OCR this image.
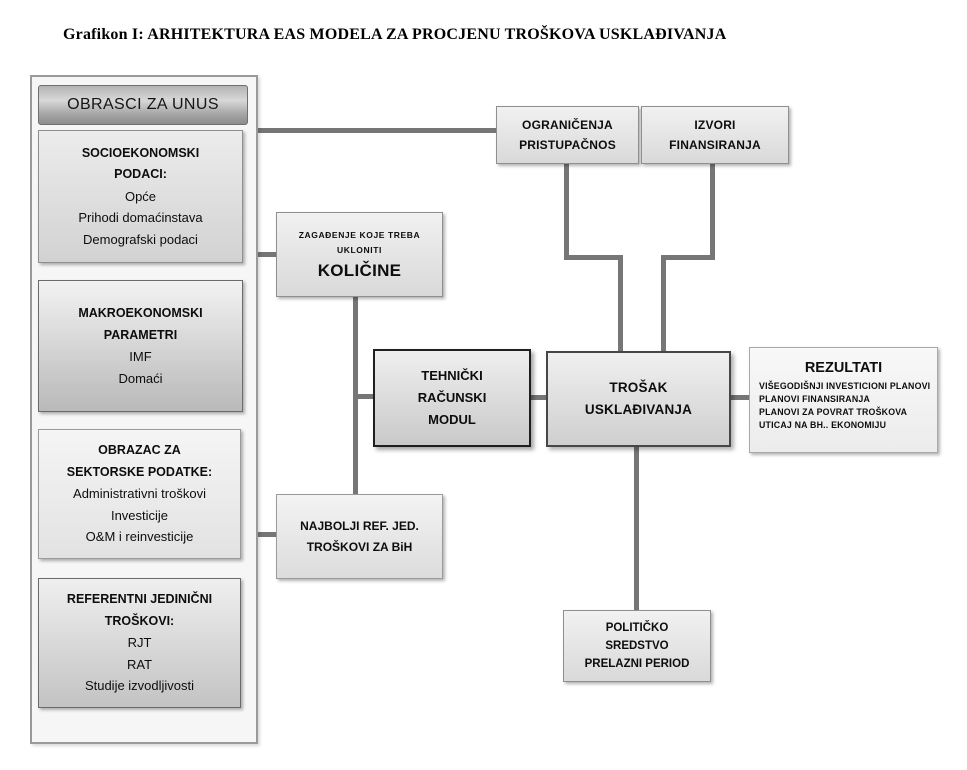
Grafikon I: ARHITEKTURA EAS MODELA ZA PROCJENU TROŠKOVA USKLAĐIVANJA
OBRASCI ZA UNUS
SOCIOEKONOMSKI
PODACI:
Opće
Prihodi domaćinstava
Demografski podaci
MAKROEKONOMSKI
PARAMETRI
IMF
Domaći
OBRAZAC ZA
SEKTORSKE PODATKE:
Administrativni troškovi
Investicije
O&M i reinvesticije
REFERENTNI JEDINIČNI
TROŠKOVI:
RJT
RAT
Studije izvodljivosti
ZAGAĐENJE KOJE TREBA
UKLONITI
KOLIČINE
TEHNIČKI
RAČUNSKI
MODUL
NAJBOLJI REF. JED.
TROŠKOVI ZA BiH
OGRANIČENJA
PRISTUPAČNOS
IZVORI
FINANSIRANJA
TROŠAK
USKLAĐIVANJA
REZULTATI
VIŠEGODIŠNJI INVESTICIONI PLANOVI
PLANOVI FINANSIRANJA
PLANOVI ZA POVRAT TROŠKOVA
UTICAJ NA BH.. EKONOMIJU
POLITIČKO
SREDSTVO
PRELAZNI PERIOD
